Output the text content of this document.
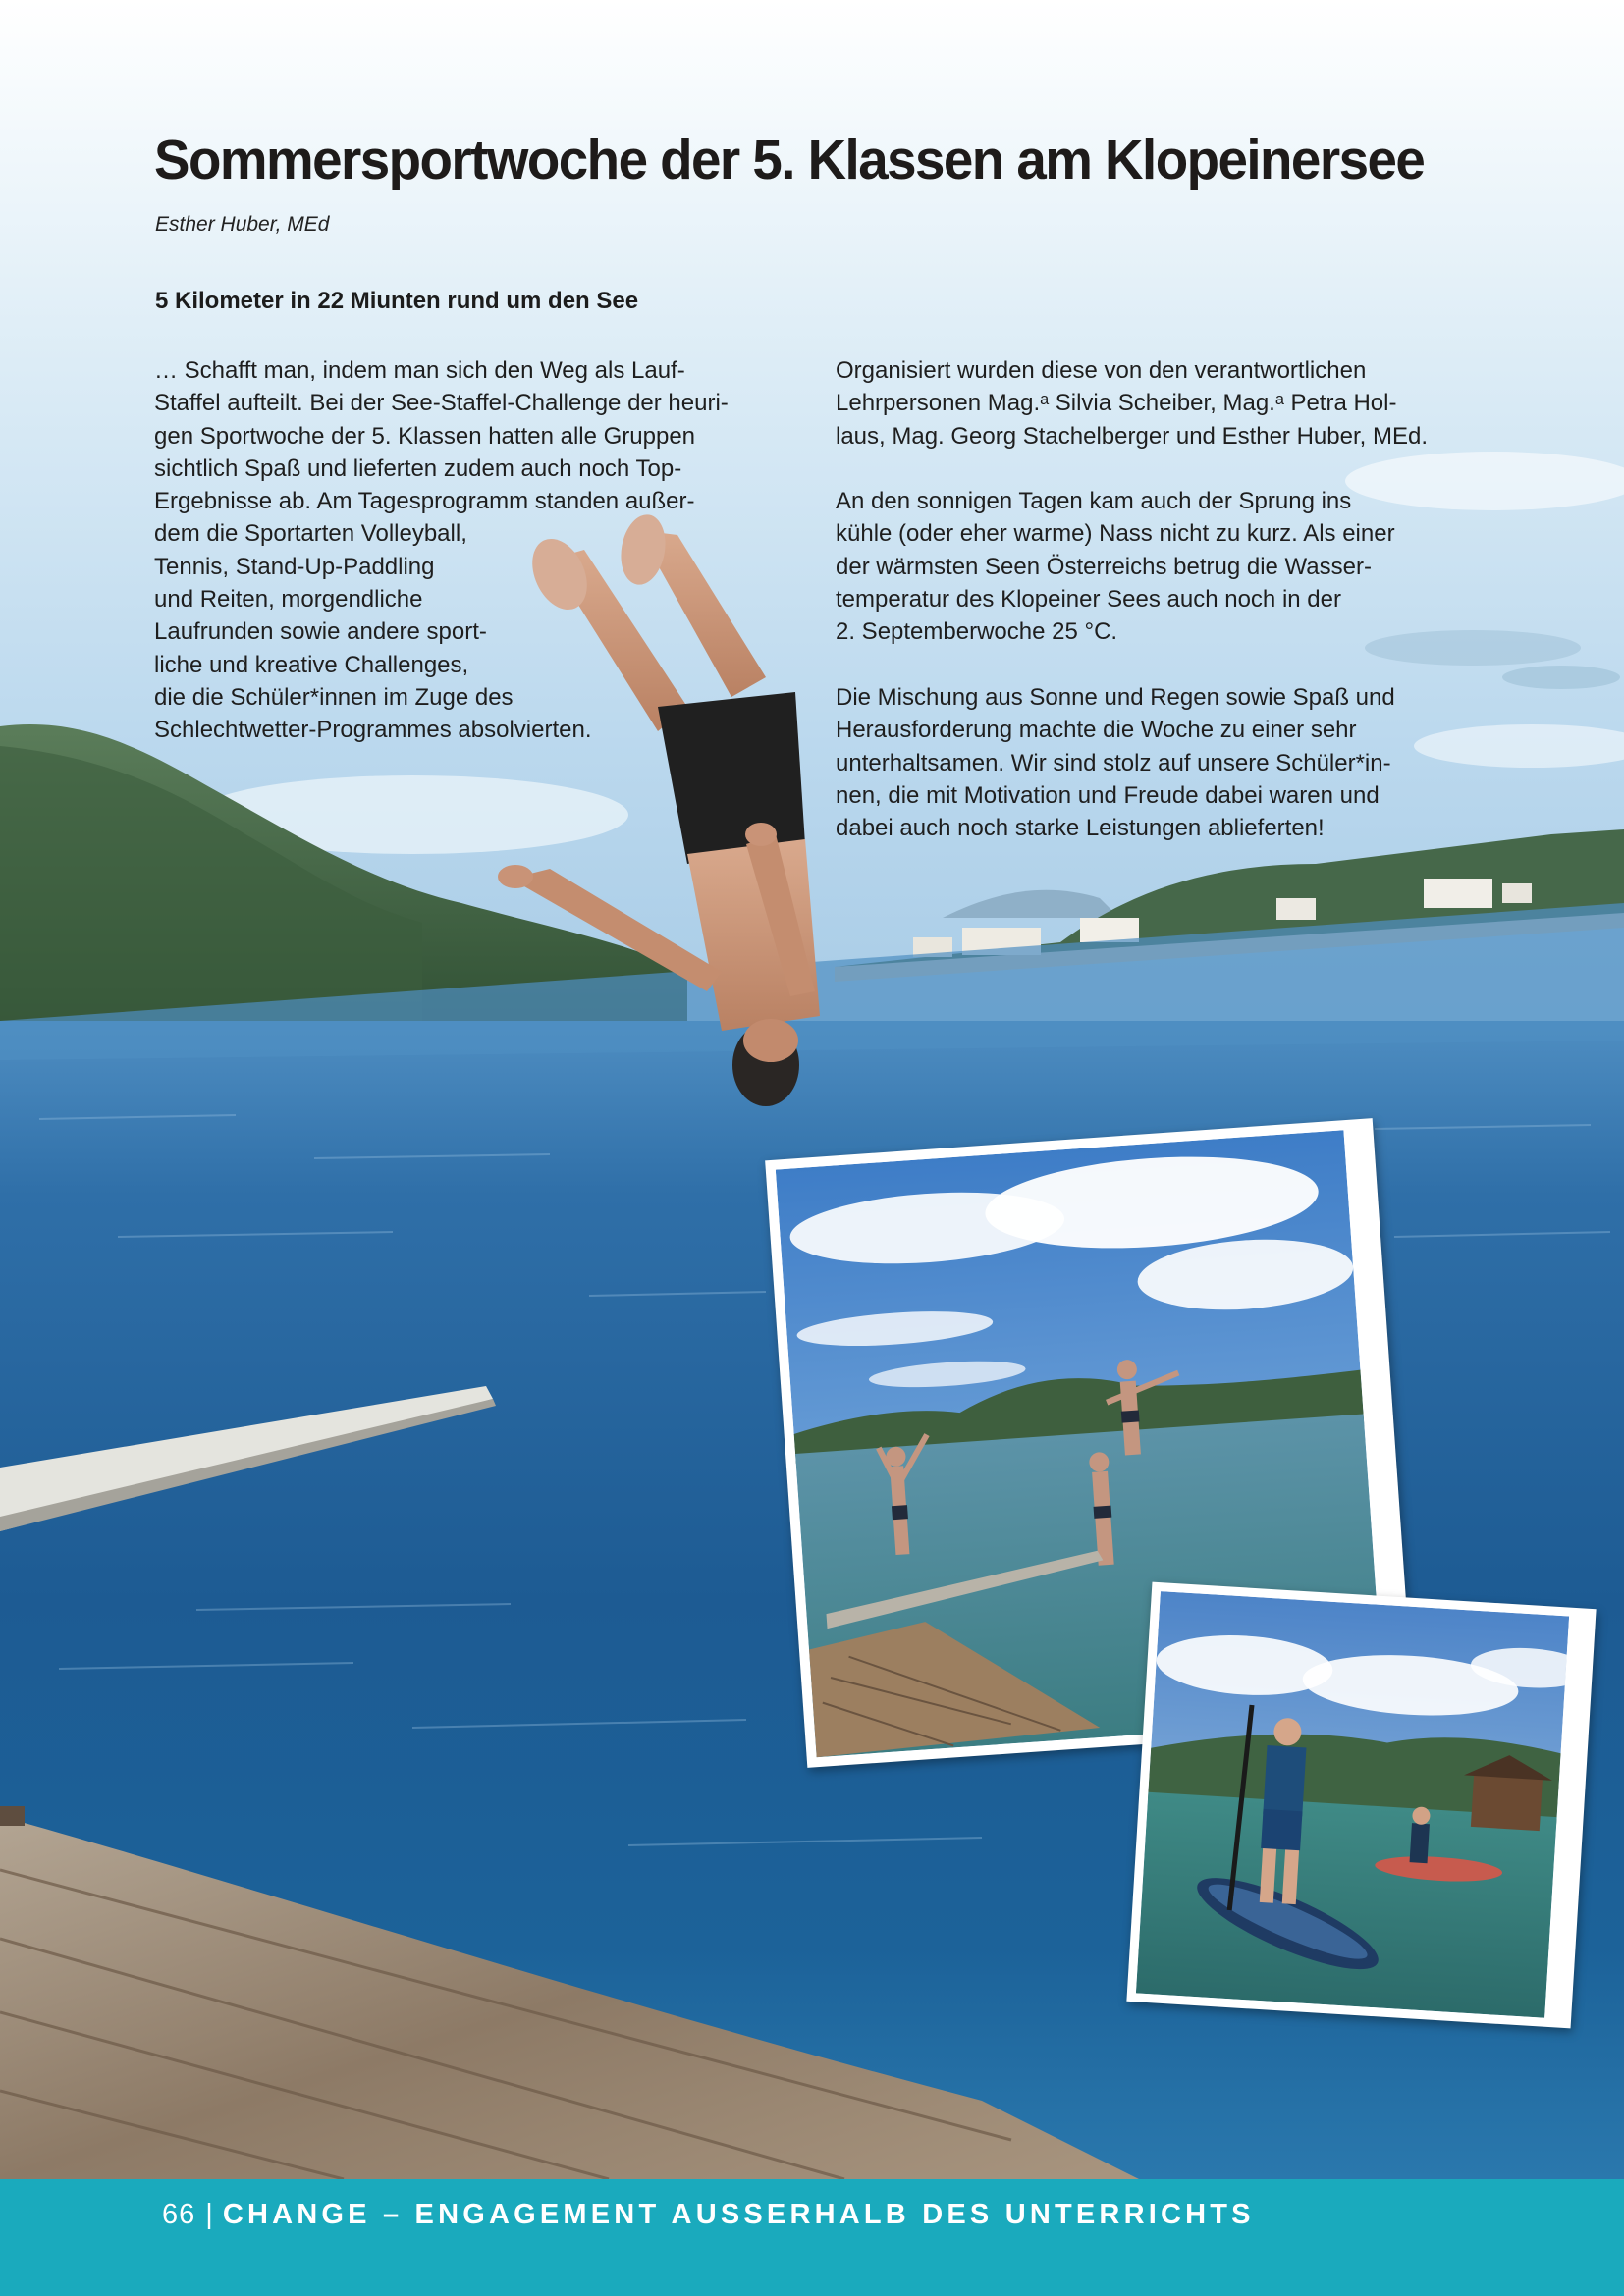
Sommersportwoche der 5. Klassen am Klopeinersee
Esther Huber, MEd
5 Kilometer in 22 Miunten rund um den See
… Schafft man, indem man sich den Weg als Lauf-
Staffel aufteilt. Bei der See-Staffel-Challenge der heuri-
gen Sportwoche der 5. Klassen hatten alle Gruppen
sichtlich Spaß und lieferten zudem auch noch Top-
Ergebnisse ab. Am Tagesprogramm standen außer-
dem die Sportarten Volleyball,
Tennis, Stand-Up-Paddling
und Reiten, morgendliche
Laufrunden sowie andere sport-
liche und kreative Challenges,
die die Schüler*innen im Zuge des
Schlechtwetter-Programmes absolvierten.
Organisiert wurden diese von den verantwortlichen
Lehrpersonen Mag.ᵃ Silvia Scheiber, Mag.ᵃ Petra Hol-
laus, Mag. Georg Stachelberger und Esther Huber, MEd.
An den sonnigen Tagen kam auch der Sprung ins
kühle (oder eher warme) Nass nicht zu kurz. Als einer
der wärmsten Seen Österreichs betrug die Wasser-
temperatur des Klopeiner Sees auch noch in der
2. Septemberwoche 25 °C.
Die Mischung aus Sonne und Regen sowie Spaß und
Herausforderung machte die Woche zu einer sehr
unterhaltsamen. Wir sind stolz auf unsere Schüler*in-
nen, die mit Motivation und Freude dabei waren und
dabei auch noch starke Leistungen ablieferten!
66 | CHANGE – ENGAGEMENT AUSSERHALB DES UNTERRICHTS
